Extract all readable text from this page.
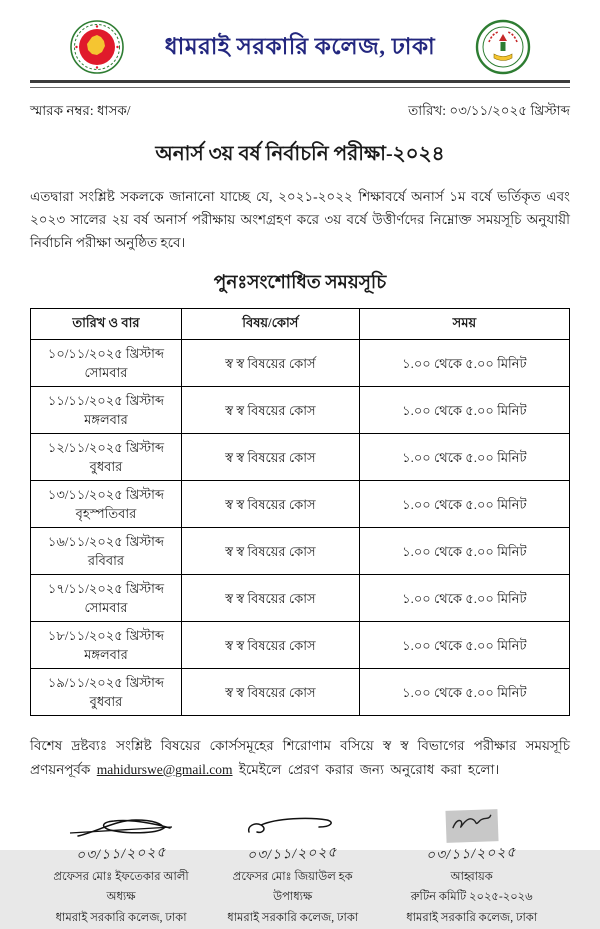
ধামরাই সরকারি কলেজ, ঢাকা
স্মারক নম্বর: ধাসক/	তারিখ: ০৩/১১/২০২৫ খ্রিস্টাব্দ
অনার্স ৩য় বর্ষ নির্বাচনি পরীক্ষা-২০২৪

এতদ্বারা সংশ্লিষ্ট সকলকে জানানো যাচ্ছে যে, ২০২১-২০২২ শিক্ষাবর্ষে অনার্স ১ম বর্ষে ভর্তিকৃত এবং ২০২৩ সালের ২য় বর্ষ অনার্স পরীক্ষায় অংশগ্রহণ করে ৩য় বর্ষে উত্তীর্ণদের নিম্নোক্ত সময়সূচি অনুযায়ী নির্বাচনি পরীক্ষা অনুষ্ঠিত হবে।

পুনঃসংশোধিত সময়সূচি
তারিখ ও বার	বিষয়/কোর্স	সময়
১০/১১/২০২৫ খ্রিস্টাব্দ
সোমবার	স্ব স্ব বিষয়ের কোর্স	১.০০ থেকে ৫.০০ মিনিট
১১/১১/২০২৫ খ্রিস্টাব্দ
মঙ্গলবার	স্ব স্ব বিষয়ের কোস	১.০০ থেকে ৫.০০ মিনিট
১২/১১/২০২৫ খ্রিস্টাব্দ
বুধবার	স্ব স্ব বিষয়ের কোস	১.০০ থেকে ৫.০০ মিনিট
১৩/১১/২০২৫ খ্রিস্টাব্দ
বৃহস্পতিবার	স্ব স্ব বিষয়ের কোস	১.০০ থেকে ৫.০০ মিনিট
১৬/১১/২০২৫ খ্রিস্টাব্দ
রবিবার	স্ব স্ব বিষয়ের কোস	১.০০ থেকে ৫.০০ মিনিট
১৭/১১/২০২৫ খ্রিস্টাব্দ
সোমবার	স্ব স্ব বিষয়ের কোস	১.০০ থেকে ৫.০০ মিনিট
১৮/১১/২০২৫ খ্রিস্টাব্দ
মঙ্গলবার	স্ব স্ব বিষয়ের কোস	১.০০ থেকে ৫.০০ মিনিট
১৯/১১/২০২৫ খ্রিস্টাব্দ
বুধবার	স্ব স্ব বিষয়ের কোস	১.০০ থেকে ৫.০০ মিনিট

বিশেষ দ্রষ্টব্যঃ সংশ্লিষ্ট বিষয়ের কোর্সসমূহের শিরোণাম বসিয়ে স্ব স্ব বিভাগের পরীক্ষার সময়সূচি প্রণয়নপূর্বক mahidurswe@gmail.com ইমেইলে প্রেরণ করার জন্য অনুরোধ করা হলো।

০৩/১১/২০২৫
প্রফেসর মোঃ ইফতেকার আলী
অধ্যক্ষ
ধামরাই সরকারি কলেজ, ঢাকা
০৩/১১/২০২৫
প্রফেসর মোঃ জিয়াউল হক
উপাধ্যক্ষ
ধামরাই সরকারি কলেজ, ঢাকা
০৩/১১/২০২৫
আহ্বায়ক
রুটিন কমিটি ২০২৫-২০২৬
ধামরাই সরকারি কলেজ, ঢাকা
